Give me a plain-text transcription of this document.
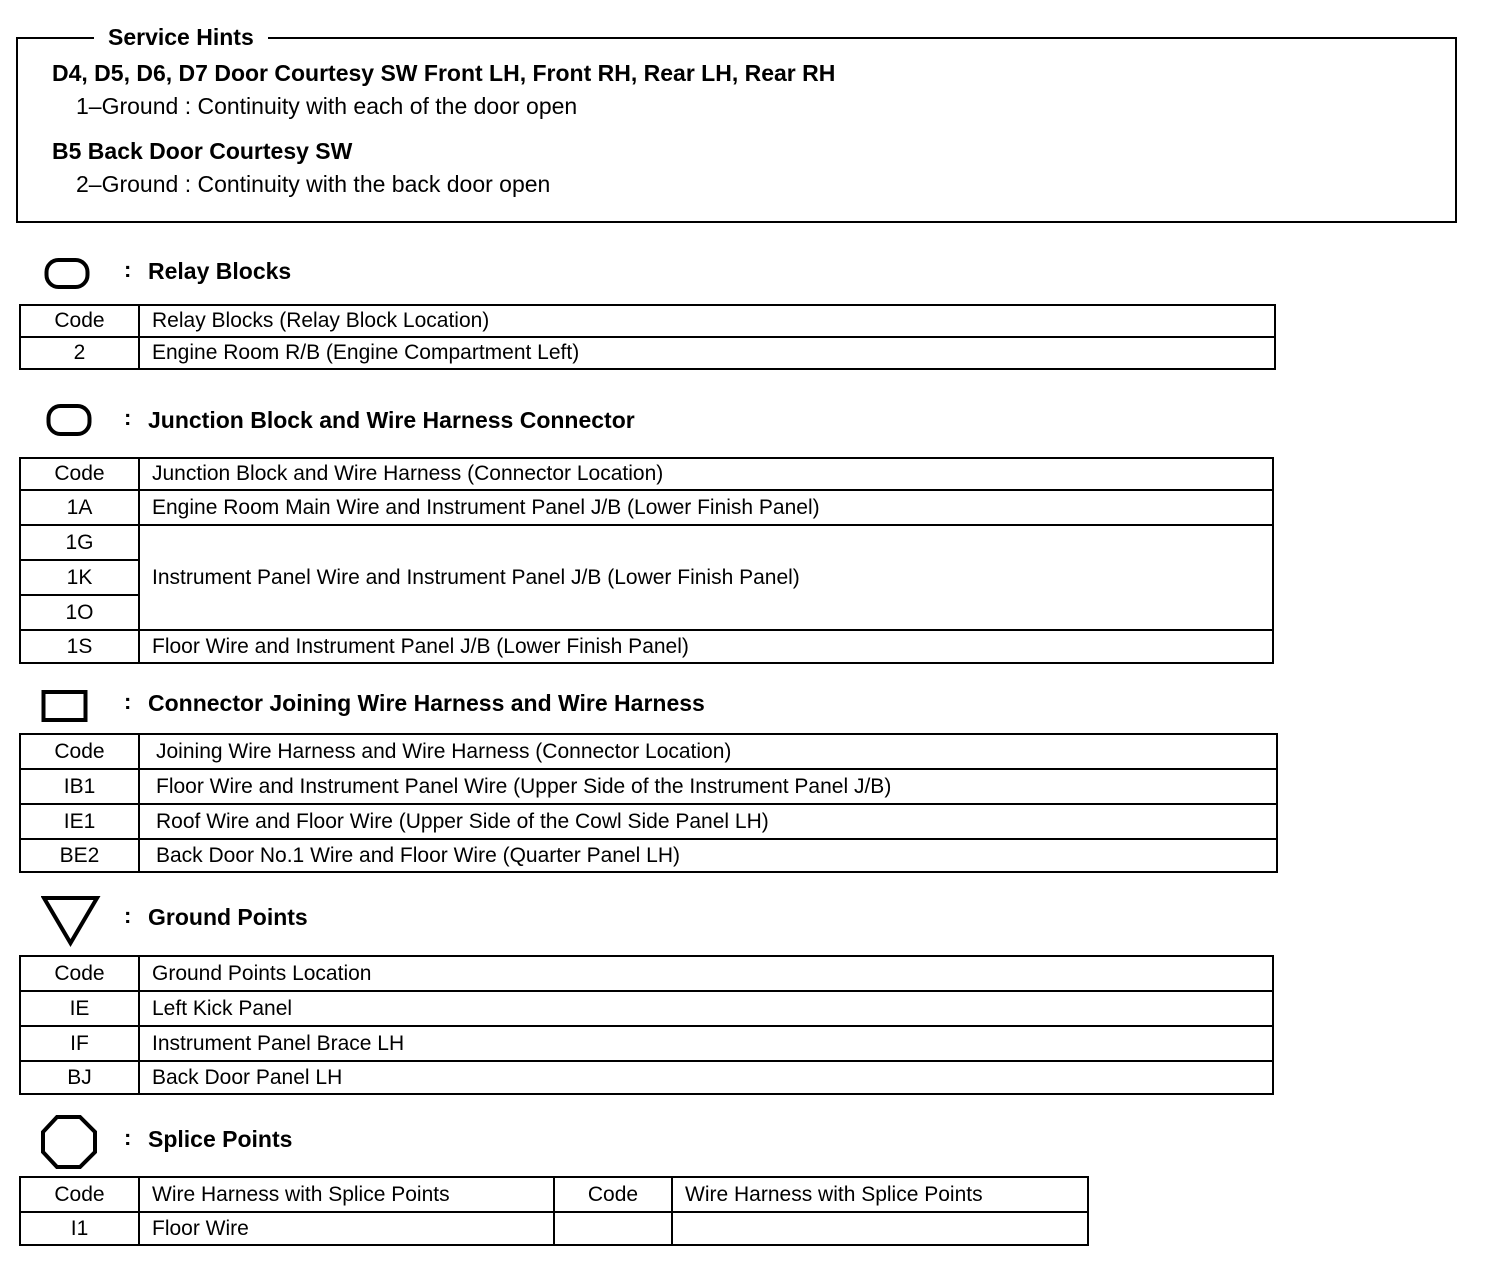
Service Hints
D4, D5, D6, D7 Door Courtesy SW Front LH, Front RH, Rear LH, Rear RH
1–Ground : Continuity with each of the door open
B5 Back Door Courtesy SW
2–Ground : Continuity with the back door open
: Relay Blocks
Code	Relay Blocks (Relay Block Location)
2	Engine Room R/B (Engine Compartment Left)
: Junction Block and Wire Harness Connector
Code	Junction Block and Wire Harness (Connector Location)
1A	Engine Room Main Wire and Instrument Panel J/B (Lower Finish Panel)
1G	Instrument Panel Wire and Instrument Panel J/B (Lower Finish Panel)
1K	
1O	
1S	Floor Wire and Instrument Panel J/B (Lower Finish Panel)
: Connector Joining Wire Harness and Wire Harness
Code	Joining Wire Harness and Wire Harness (Connector Location)
IB1	Floor Wire and Instrument Panel Wire (Upper Side of the Instrument Panel J/B)
IE1	Roof Wire and Floor Wire (Upper Side of the Cowl Side Panel LH)
BE2	Back Door No.1 Wire and Floor Wire (Quarter Panel LH)
: Ground Points
Code	Ground Points Location
IE	Left Kick Panel
IF	Instrument Panel Brace LH
BJ	Back Door Panel LH
: Splice Points
Code	Wire Harness with Splice Points	Code	Wire Harness with Splice Points
I1	Floor Wire		
